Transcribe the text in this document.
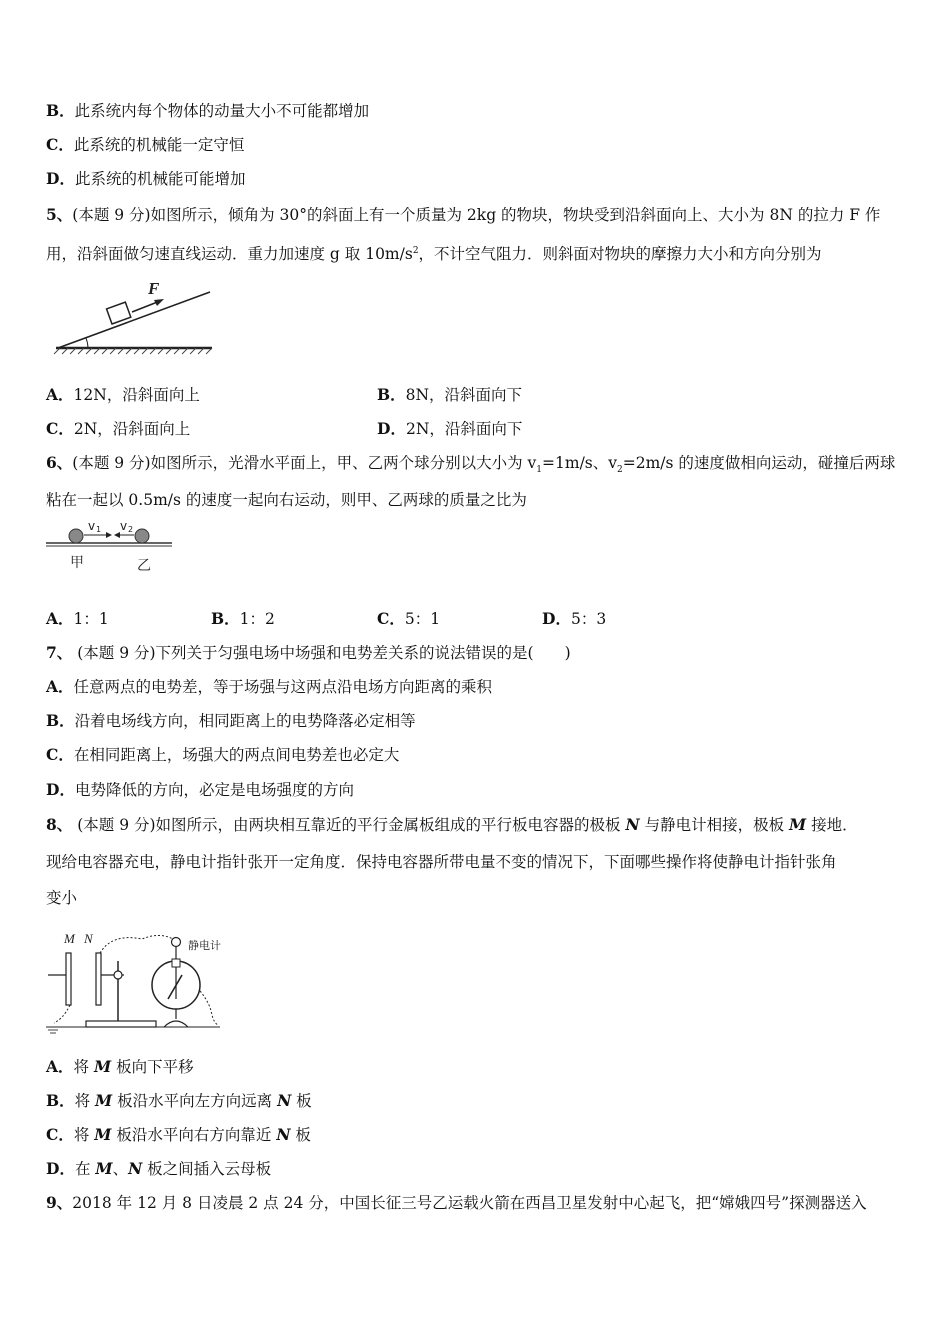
B．此系统内每个物体的动量大小不可能都增加
C．此系统的机械能一定守恒
D．此系统的机械能可能增加
5、(本题 9 分)如图所示，倾角为 30°的斜面上有一个质量为 2kg 的物块，物块受到沿斜面向上、大小为 8N 的拉力 F 作
用，沿斜面做匀速直线运动．重力加速度 g 取 $10m/s^2$，不计空气阻力．则斜面对物块的摩擦力大小和方向分别为
F
A．12N，沿斜面向上	B．8N，沿斜面向下
C．2N，沿斜面向上	D．2N，沿斜面向下
6、(本题 9 分)如图所示，光滑水平面上，甲、乙两个球分别以大小为 $v_1=1m/s$、$v_2=2m/s$ 的速度做相向运动，碰撞后两球
粘在一起以 0.5m/s 的速度一起向右运动，则甲、乙两球的质量之比为
v 1 v 2
甲	乙
A．1：1	B．1：2	C．5：1	D．5：3
7、 (本题 9 分)下列关于匀强电场中场强和电势差关系的说法错误的是(　　)
A．任意两点的电势差，等于场强与这两点沿电场方向距离的乘积
B．沿着电场线方向，相同距离上的电势降落必定相等
C．在相同距离上，场强大的两点间电势差也必定大
D．电势降低的方向，必定是电场强度的方向
8、 (本题 9 分)如图所示，由两块相互靠近的平行金属板组成的平行板电容器的极板 N 与静电计相接，极板 M 接地．
现给电容器充电，静电计指针张开一定角度．保持电容器所带电量不变的情况下，下面哪些操作将使静电计指针张角
变小
M N	静电计
A．将 M 板向下平移
B．将 M 板沿水平向左方向远离 N 板
C．将 M 板沿水平向右方向靠近 N 板
D．在 M、N 板之间插入云母板
9、2018 年 12 月 8 日凌晨 2 点 24 分，中国长征三号乙运载火箭在西昌卫星发射中心起飞，把“嫦娥四号”探测器送入
